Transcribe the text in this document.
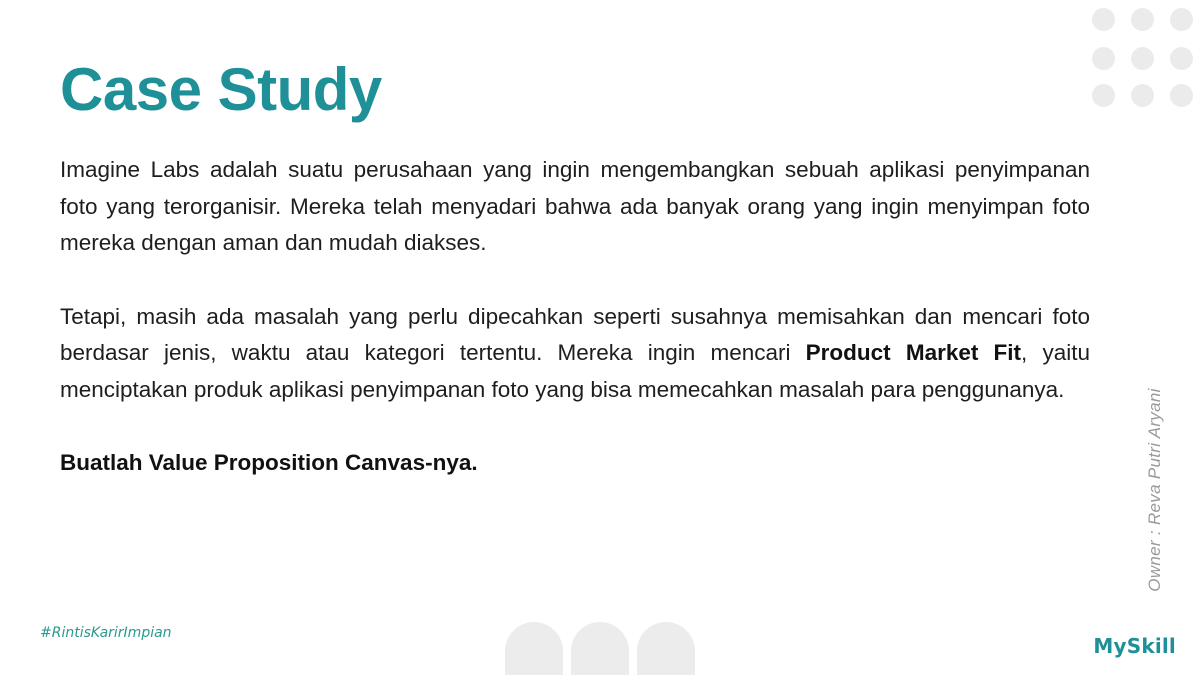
Case Study

Imagine Labs adalah suatu perusahaan yang ingin mengembangkan sebuah aplikasi penyimpanan foto yang terorganisir. Mereka telah menyadari bahwa ada banyak orang yang ingin menyimpan foto mereka dengan aman dan mudah diakses.

Tetapi, masih ada masalah yang perlu dipecahkan seperti susahnya memisahkan dan mencari foto berdasar jenis, waktu atau kategori tertentu. Mereka ingin mencari Product Market Fit, yaitu menciptakan produk aplikasi penyimpanan foto yang bisa memecahkan masalah para penggunanya.

Buatlah Value Proposition Canvas-nya.	Owner : Reva Putri Aryani
#RintisKarirImpian
MySkill
